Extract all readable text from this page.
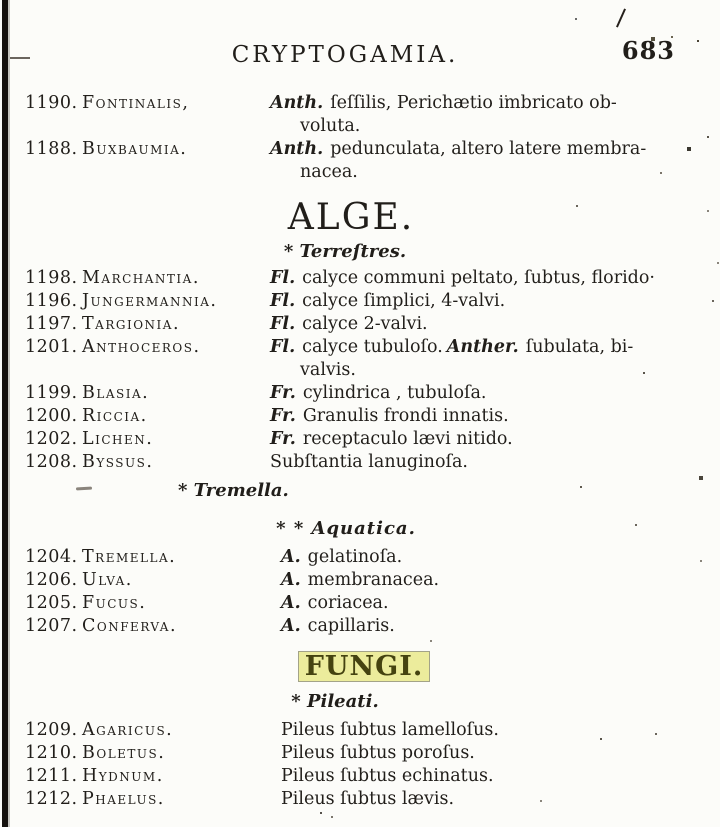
CRYPTOGAMIA.	683
1190. Fontinalis,	Anth. ſeſſilis, Perichætio imbricato ob-
voluta.
1188. Buxbaumia.	Anth. pedunculata, altero latere membra-
nacea.
ALGE.
* Terreſtres.
1198. Marchantia.	Fl. calyce communi peltato, ſubtus, florido·
1196. Jungermannia.	Fl. calyce ſimplici, 4-valvi.
1197. Targionia.	Fl. calyce 2-valvi.
1201. Anthoceros.	Fl. calyce tubuloſo. Anther. ſubulata, bi-
valvis.
1199. Blasia.	Fr. cylindrica , tubuloſa.
1200. Riccia.	Fr. Granulis frondi innatis.
1202. Lichen.	Fr. receptaculo lævi nitido.
1208. Byssus.	Subſtantia lanuginoſa.
* Tremella.
* * Aquatica.
1204. Tremella.	A. gelatinoſa.
1206. Ulva.	A. membranacea.
1205. Fucus.	A. coriacea.
1207. Conferva.	A. capillaris.
FUNGI.
* Pileati.
1209. Agaricus.	Pileus ſubtus lamelloſus.
1210. Boletus.	Pileus ſubtus poroſus.
1211. Hydnum.	Pileus ſubtus echinatus.
1212. Phaelus.	Pileus ſubtus lævis.
